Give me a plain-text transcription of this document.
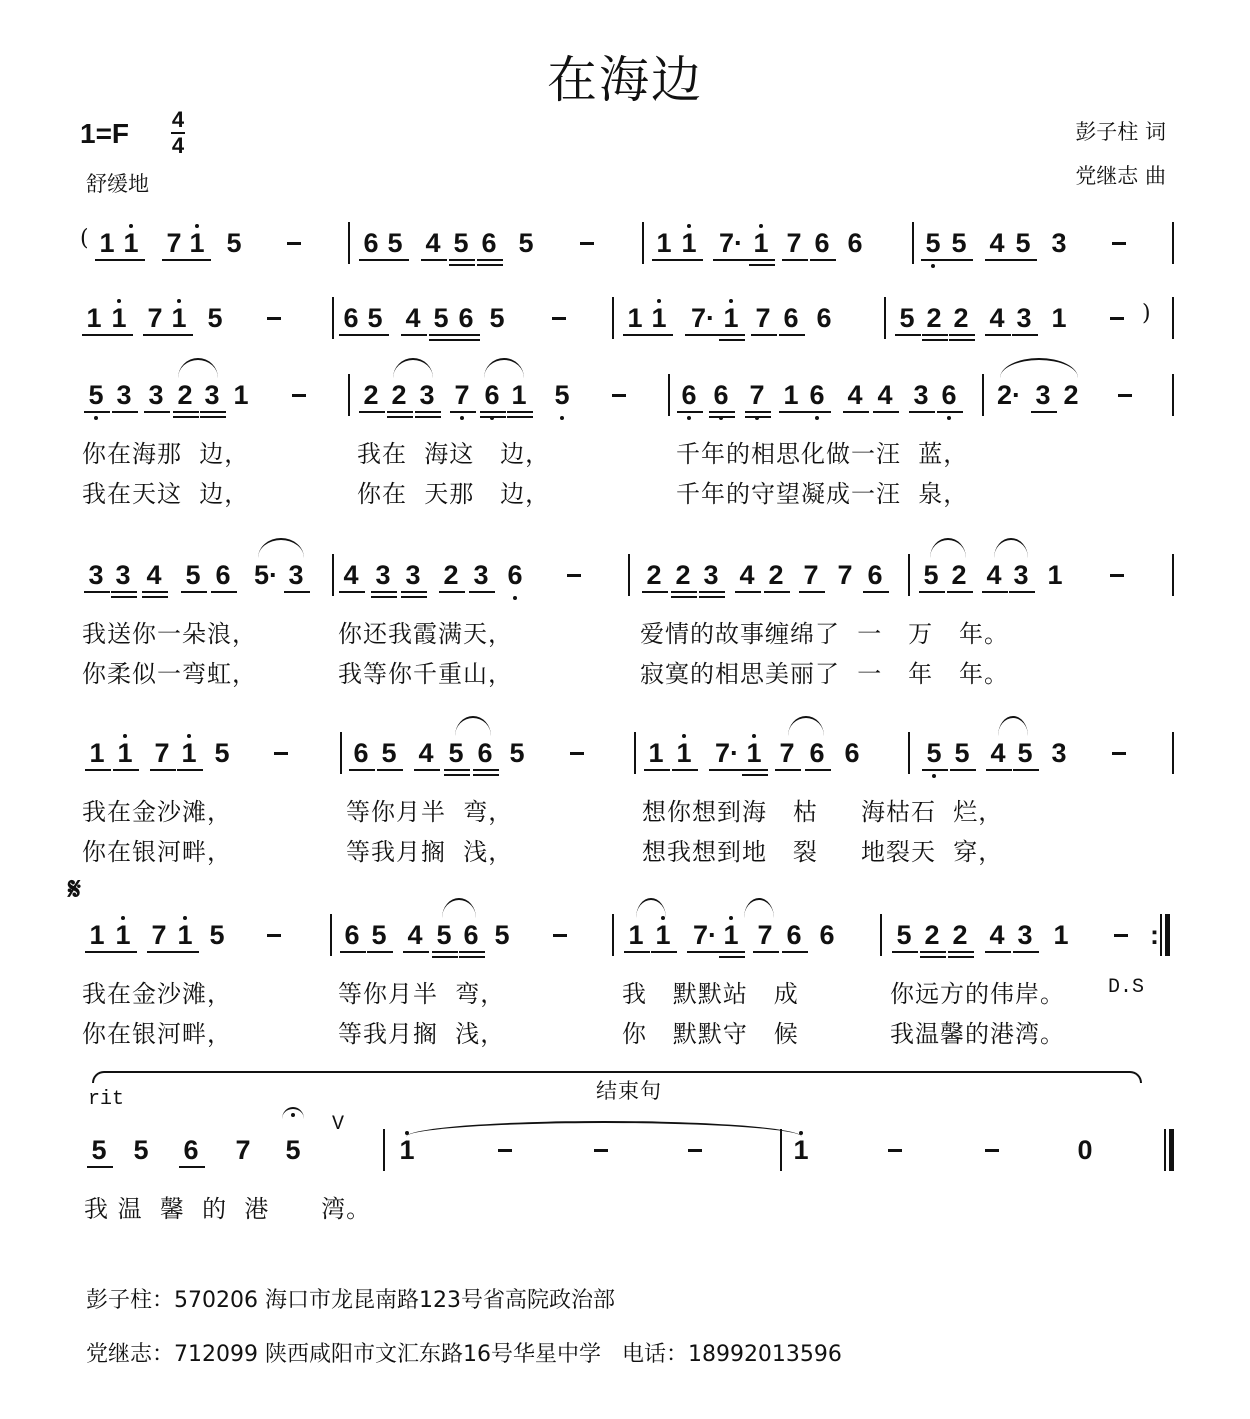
在海边
1=F 4
4
舒缓地
彭子柱 词
党继志 曲
( 1 1 7 1 5	6 5 4 5 6 5	1 1 7· 1 7 6 6 5 5 4 5 3
)
1 1 7 1 5	6 5 4 5 6 5	1 1 7· 1 7 6 6	5 2 2 4 3 1
5 3 3 2 3 1	2 2 3 7 6 1 5	6 6 7 1 6 4 4 3 6 2· 3 2
你在海那  边，
我在天这  边，
我在  海这   边，
你在  天那   边，
千年的相思化做一汪  蓝，
千年的守望凝成一汪  泉，
3 3 4 5 6 5· 3 4 3 3 2 3 6	2 2 3 4 2 7 7 6 5 2 4 3 1
我送你一朵浪，
你柔似一弯虹，
你还我霞满天，
我等你千重山，
爱情的故事缠绵了  一   万   年。
寂寞的相思美丽了  一   年   年。
1 1 7 1 5	6 5 4 5 6 5	1 1 7· 1 7 6 6 5 5 4 5 3
我在金沙滩，
你在银河畔，
等你月半  弯，
等我月搁  浅，
想你想到海   枯     海枯石  烂，
想我想到地   裂     地裂天  穿，
𝄋
1 1 7 1 5	6 5 4 5 6 5	1 1 7· 1 7 6 6 5 2 2 4 3 1	:
我在金沙滩，
你在银河畔，
等你月半  弯，
等我月搁  浅，
我   默默站   成
你   默默守   候
你远方的伟岸。
我温馨的港湾。
D.S
rit
V
结束句
5 5 6 7 5	1	1	0
我 温  馨  的  港      湾。
彭子柱：570206 海口市龙昆南路123号省高院政治部
党继志：712099 陕西咸阳市文汇东路16号华星中学   电话：18992013596
